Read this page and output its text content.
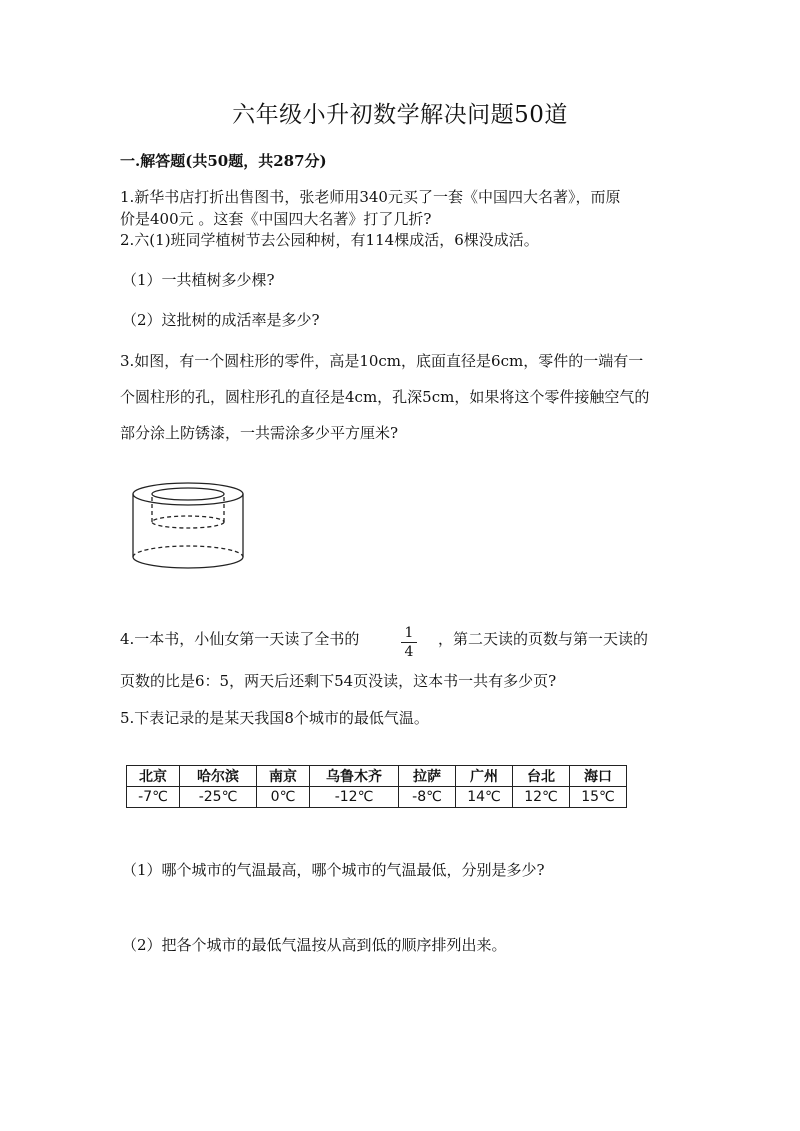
六年级小升初数学解决问题50道
一.解答题(共50题，共287分)
1.新华书店打折出售图书，张老师用340元买了一套《中国四大名著》，而原
价是400元 。这套《中国四大名著》打了几折?
2.六(1)班同学植树节去公园种树，有114棵成活，6棵没成活。
（1）一共植树多少棵?
（2）这批树的成活率是多少?
3.如图，有一个圆柱形的零件，高是10cm，底面直径是6cm，零件的一端有一
个圆柱形的孔，圆柱形孔的直径是4cm，孔深5cm，如果将这个零件接触空气的
部分涂上防锈漆，一共需涂多少平方厘米?
4.一本书，小仙女第一天读了全书的	1
4
，第二天读的页数与第一天读的
页数的比是6：5，两天后还剩下54页没读，这本书一共有多少页?
5.下表记录的是某天我国8个城市的最低气温。
北京	哈尔滨	南京	乌鲁木齐	拉萨	广州	台北	海口
-7℃	-25℃	0℃	-12℃	-8℃	14℃	12℃	15℃
（1）哪个城市的气温最高，哪个城市的气温最低，分别是多少?
（2）把各个城市的最低气温按从高到低的顺序排列出来。
